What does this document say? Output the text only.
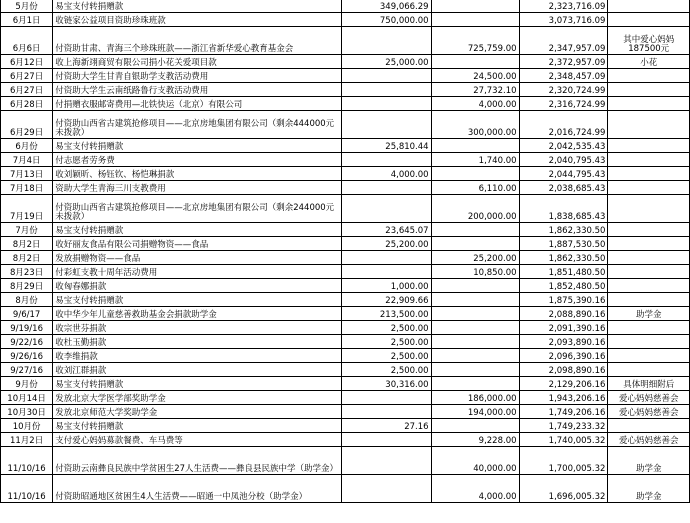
5月份	易宝支付转捐赠款	349,066.29		2,323,716.09	
6月1日	收链家公益项目资助珍珠班款	750,000.00		3,073,716.09	
6月6日	付资助甘肃、青海三个珍珠班款——浙江省新华爱心教育基金会		725,759.00	2,347,957.09	其中爱心妈妈187500元
6月12日	收上海新翊商贸有限公司捐小花关爱项目款	25,000.00		2,372,957.09	小花
6月27日	付资助大学生甘青自银助学支教活动费用		24,500.00	2,348,457.09	
6月27日	付资助大学生云南纸路鲁行支教活动费用		27,732.10	2,320,724.99	
6月28日	付捐赠衣服邮寄费用—北铁快运（北京）有限公司		4,000.00	2,316,724.99	
6月29日	付资助山西省古建筑抢修项目——北京房地集团有限公司（剩余444000元未拨款）		300,000.00	2,016,724.99	
6月份	易宝支付转捐赠款	25,810.44		2,042,535.43	
7月4日	付志愿者劳务费		1,740.00	2,040,795.43	
7月13日	收刘颖昕、杨钰钦、杨恺琳捐款	4,000.00		2,044,795.43	
7月18日	资助大学生青海三川支教费用		6,110.00	2,038,685.43	
7月19日	付资助山西省古建筑抢修项目——北京房地集团有限公司（剩余244000元未拨款）		200,000.00	1,838,685.43	
7月份	易宝支付转捐赠款	23,645.07		1,862,330.50	
8月2日	收好丽友食品有限公司捐赠物资——食品	25,200.00		1,887,530.50	
8月2日	发放捐赠物资——食品		25,200.00	1,862,330.50	
8月23日	付彩虹支教十周年活动费用		10,850.00	1,851,480.50	
8月29日	收匈春娜捐款	1,000.00		1,852,480.50	
8月份	易宝支付转捐赠款	22,909.66		1,875,390.16	
9/6/17	收中华少年儿童慈善救助基金会捐款助学金	213,500.00		2,088,890.16	助学金
9/19/16	收宗世芬捐款	2,500.00		2,091,390.16	
9/22/16	收杜玉勤捐款	2,500.00		2,093,890.16	
9/26/16	收李维捐款	2,500.00		2,096,390.16	
9/27/16	收刘江群捐款	2,500.00		2,098,890.16	
9月份	易宝支付转捐赠款	30,316.00		2,129,206.16	具体明细附后
10月14日	发放北京大学医学部奖助学金		186,000.00	1,943,206.16	爱心妈妈慈善会
10月30日	发放北京师范大学奖助学金		194,000.00	1,749,206.16	爱心妈妈慈善会
10月份	易宝支付转捐赠款	27.16		1,749,233.32	
11月2日	支付爱心妈妈募款餐费、车马费等		9,228.00	1,740,005.32	爱心妈妈慈善会
11/10/16	付资助云南彝良民族中学贫困生27人生活费——彝良县民族中学（助学金）		40,000.00	1,700,005.32	助学金
11/10/16	付资助昭通地区贫困生4人生活费——昭通一中凤池分校（助学金）		4,000.00	1,696,005.32	助学金
